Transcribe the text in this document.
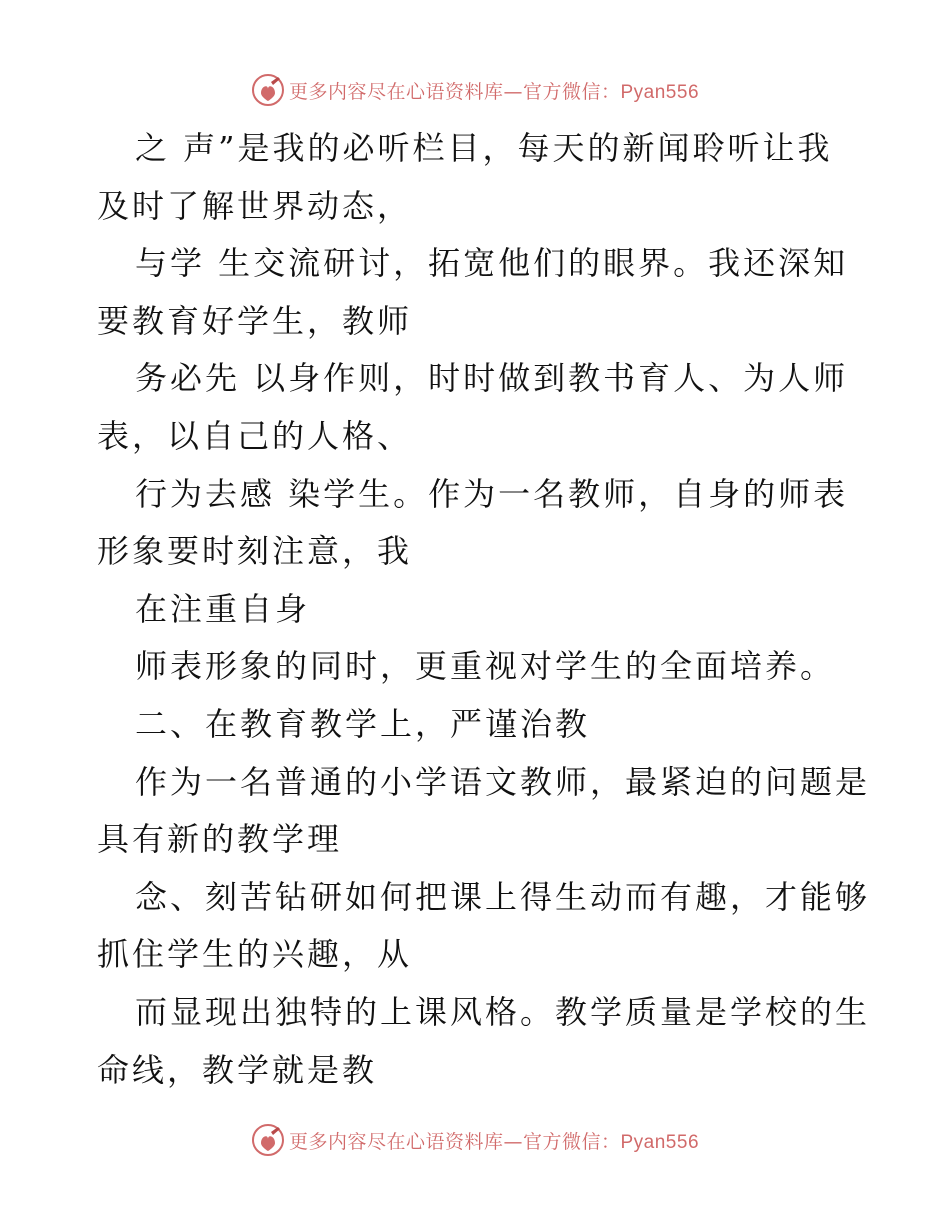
更多内容尽在心语资料库—官方微信：Pyan556
之 声”是我的必听栏目，每天的新闻聆听让我
及时了解世界动态，
与学 生交流研讨，拓宽他们的眼界。我还深知
要教育好学生，教师
务必先 以身作则，时时做到教书育人、为人师
表，以自己的人格、
行为去感 染学生。作为一名教师，自身的师表
形象要时刻注意，我
在注重自身
师表形象的同时，更重视对学生的全面培养。
二、在教育教学上，严谨治教
作为一名普通的小学语文教师，最紧迫的问题是
具有新的教学理
念、刻苦钻研如何把课上得生动而有趣，才能够
抓住学生的兴趣，从
而显现出独特的上课风格。教学质量是学校的生
命线，教学就是教
更多内容尽在心语资料库—官方微信：Pyan556
